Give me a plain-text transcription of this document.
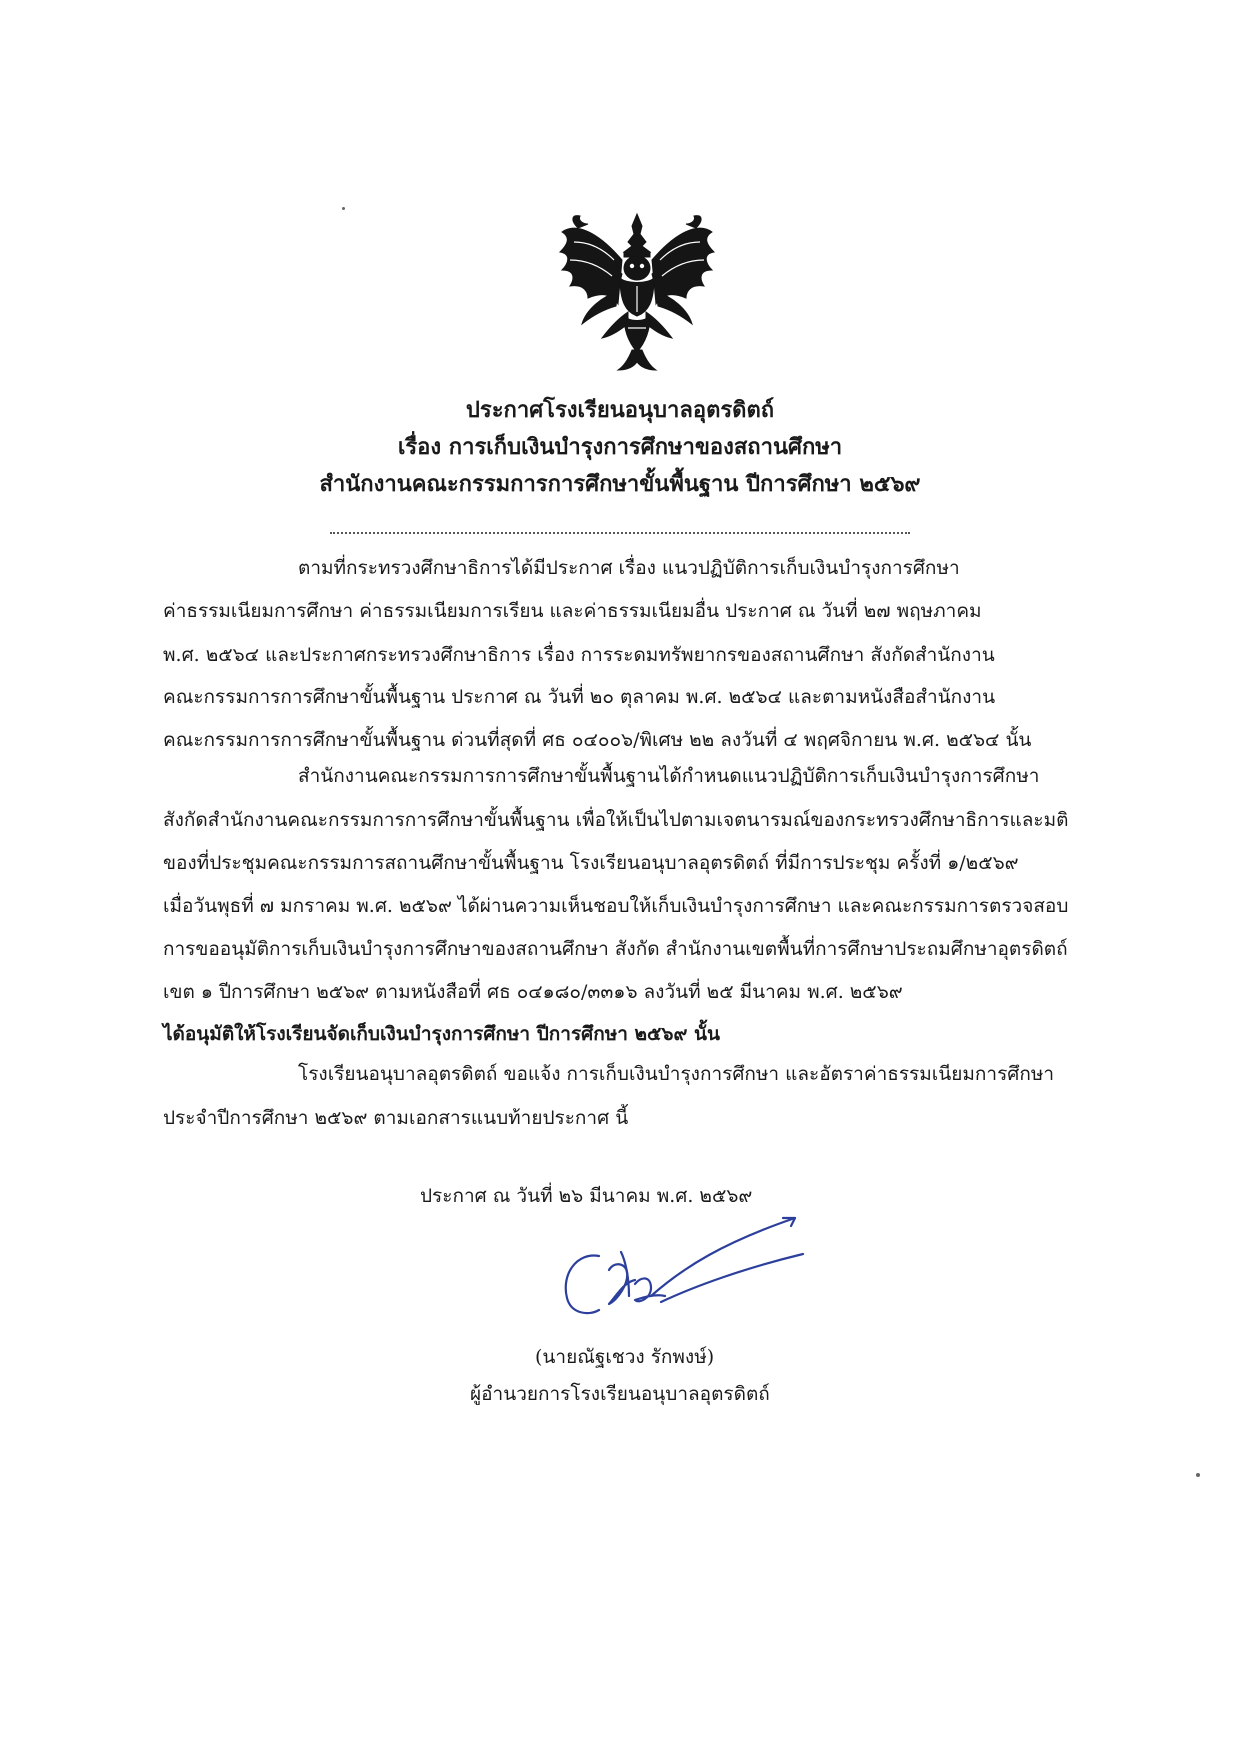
ประกาศโรงเรียนอนุบาลอุตรดิตถ์
เรื่อง การเก็บเงินบำรุงการศึกษาของสถานศึกษา
สำนักงานคณะกรรมการการศึกษาขั้นพื้นฐาน ปีการศึกษา ๒๕๖๙
ตามที่กระทรวงศึกษาธิการได้มีประกาศ เรื่อง แนวปฏิบัติการเก็บเงินบำรุงการศึกษา
ค่าธรรมเนียมการศึกษา ค่าธรรมเนียมการเรียน และค่าธรรมเนียมอื่น ประกาศ ณ วันที่ ๒๗ พฤษภาคม
พ.ศ. ๒๕๖๔ และประกาศกระทรวงศึกษาธิการ เรื่อง การระดมทรัพยากรของสถานศึกษา สังกัดสำนักงาน
คณะกรรมการการศึกษาขั้นพื้นฐาน ประกาศ ณ วันที่ ๒๐ ตุลาคม พ.ศ. ๒๕๖๔ และตามหนังสือสำนักงาน
คณะกรรมการการศึกษาขั้นพื้นฐาน ด่วนที่สุดที่ ศธ ๐๔๐๐๖/พิเศษ ๒๒ ลงวันที่ ๔ พฤศจิกายน พ.ศ. ๒๕๖๔ นั้น
สำนักงานคณะกรรมการการศึกษาขั้นพื้นฐานได้กำหนดแนวปฏิบัติการเก็บเงินบำรุงการศึกษา
สังกัดสำนักงานคณะกรรมการการศึกษาขั้นพื้นฐาน เพื่อให้เป็นไปตามเจตนารมณ์ของกระทรวงศึกษาธิการและมติ
ของที่ประชุมคณะกรรมการสถานศึกษาขั้นพื้นฐาน โรงเรียนอนุบาลอุตรดิตถ์ ที่มีการประชุม ครั้งที่ ๑/๒๕๖๙
เมื่อวันพุธที่ ๗ มกราคม พ.ศ. ๒๕๖๙ ได้ผ่านความเห็นชอบให้เก็บเงินบำรุงการศึกษา และคณะกรรมการตรวจสอบ
การขออนุมัติการเก็บเงินบำรุงการศึกษาของสถานศึกษา สังกัด สำนักงานเขตพื้นที่การศึกษาประถมศึกษาอุตรดิตถ์
เขต ๑ ปีการศึกษา ๒๕๖๙ ตามหนังสือที่ ศธ ๐๔๑๘๐/๓๓๑๖ ลงวันที่ ๒๕ มีนาคม พ.ศ. ๒๕๖๙
ได้อนุมัติให้โรงเรียนจัดเก็บเงินบำรุงการศึกษา ปีการศึกษา ๒๕๖๙ นั้น
โรงเรียนอนุบาลอุตรดิตถ์ ขอแจ้ง การเก็บเงินบำรุงการศึกษา และอัตราค่าธรรมเนียมการศึกษา
ประจำปีการศึกษา ๒๕๖๙ ตามเอกสารแนบท้ายประกาศ นี้
ประกาศ ณ วันที่ ๒๖ มีนาคม พ.ศ. ๒๕๖๙
(นายณัฐเชวง รักพงษ์)
ผู้อำนวยการโรงเรียนอนุบาลอุตรดิตถ์
